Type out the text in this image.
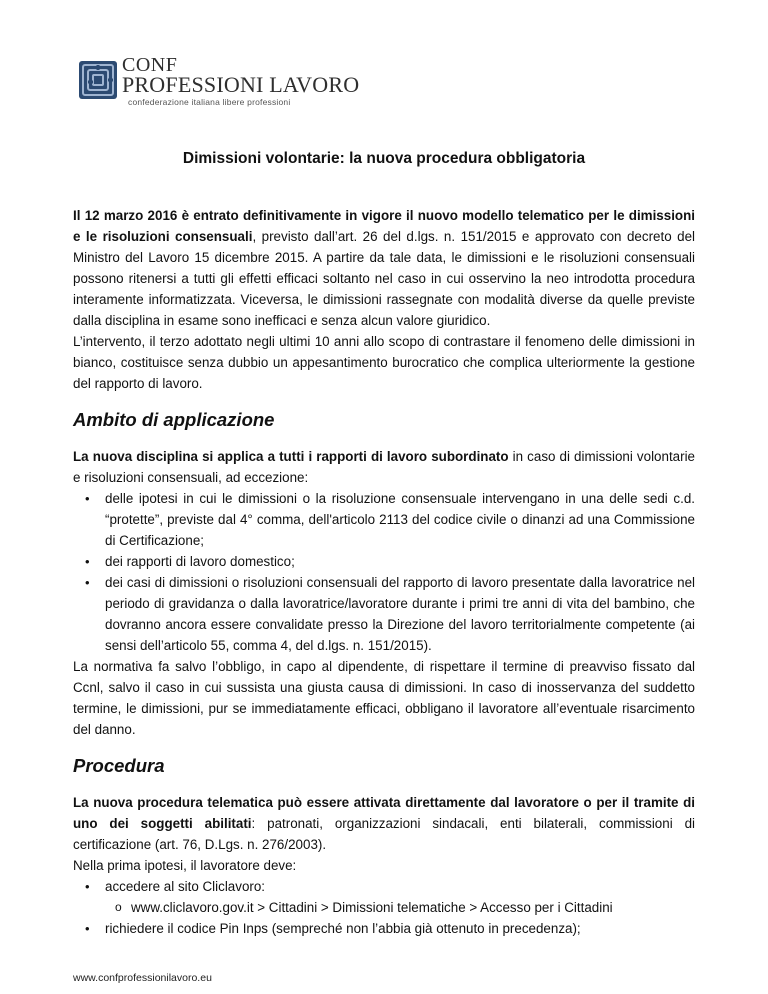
CONF
PROFESSIONI LAVORO
confederazione italiana libere professioni
Dimissioni volontarie: la nuova procedura obbligatoria

Il 12 marzo 2016 è entrato definitivamente in vigore il nuovo modello telematico per le dimissioni e le risoluzioni consensuali, previsto dall’art. 26 del d.lgs. n. 151/2015 e approvato con decreto del Ministro del Lavoro 15 dicembre 2015. A partire da tale data, le dimissioni e le risoluzioni consensuali possono ritenersi a tutti gli effetti efficaci soltanto nel caso in cui osservino la neo introdotta procedura interamente informatizzata. Viceversa, le dimissioni rassegnate con modalità diverse da quelle previste dalla disciplina in esame sono inefficaci e senza alcun valore giuridico.

L’intervento, il terzo adottato negli ultimi 10 anni allo scopo di contrastare il fenomeno delle dimissioni in bianco, costituisce senza dubbio un appesantimento burocratico che complica ulteriormente la gestione del rapporto di lavoro.

Ambito di applicazione

La nuova disciplina si applica a tutti i rapporti di lavoro subordinato in caso di dimissioni volontarie e risoluzioni consensuali, ad eccezione:

• delle ipotesi in cui le dimissioni o la risoluzione consensuale intervengano in una delle sedi c.d. “protette”, previste dal 4° comma, dell'articolo 2113 del codice civile o dinanzi ad una Commissione di Certificazione;
• dei rapporti di lavoro domestico;
• dei casi di dimissioni o risoluzioni consensuali del rapporto di lavoro presentate dalla lavoratrice nel periodo di gravidanza o dalla lavoratrice/lavoratore durante i primi tre anni di vita del bambino, che dovranno ancora essere convalidate presso la Direzione del lavoro territorialmente competente (ai sensi dell’articolo 55, comma 4, del d.lgs. n. 151/2015).

La normativa fa salvo l’obbligo, in capo al dipendente, di rispettare il termine di preavviso fissato dal Ccnl, salvo il caso in cui sussista una giusta causa di dimissioni. In caso di inosservanza del suddetto termine, le dimissioni, pur se immediatamente efficaci, obbligano il lavoratore all’eventuale risarcimento del danno.

Procedura

La nuova procedura telematica può essere attivata direttamente dal lavoratore o per il tramite di uno dei soggetti abilitati: patronati, organizzazioni sindacali, enti bilaterali, commissioni di certificazione (art. 76, D.Lgs. n. 276/2003).

Nella prima ipotesi, il lavoratore deve:

• accedere al sito Cliclavoro:
o www.cliclavoro.gov.it > Cittadini > Dimissioni telematiche > Accesso per i Cittadini
• richiedere il codice Pin Inps (sempreché non l’abbia già ottenuto in precedenza);
www.confprofessionilavoro.eu
